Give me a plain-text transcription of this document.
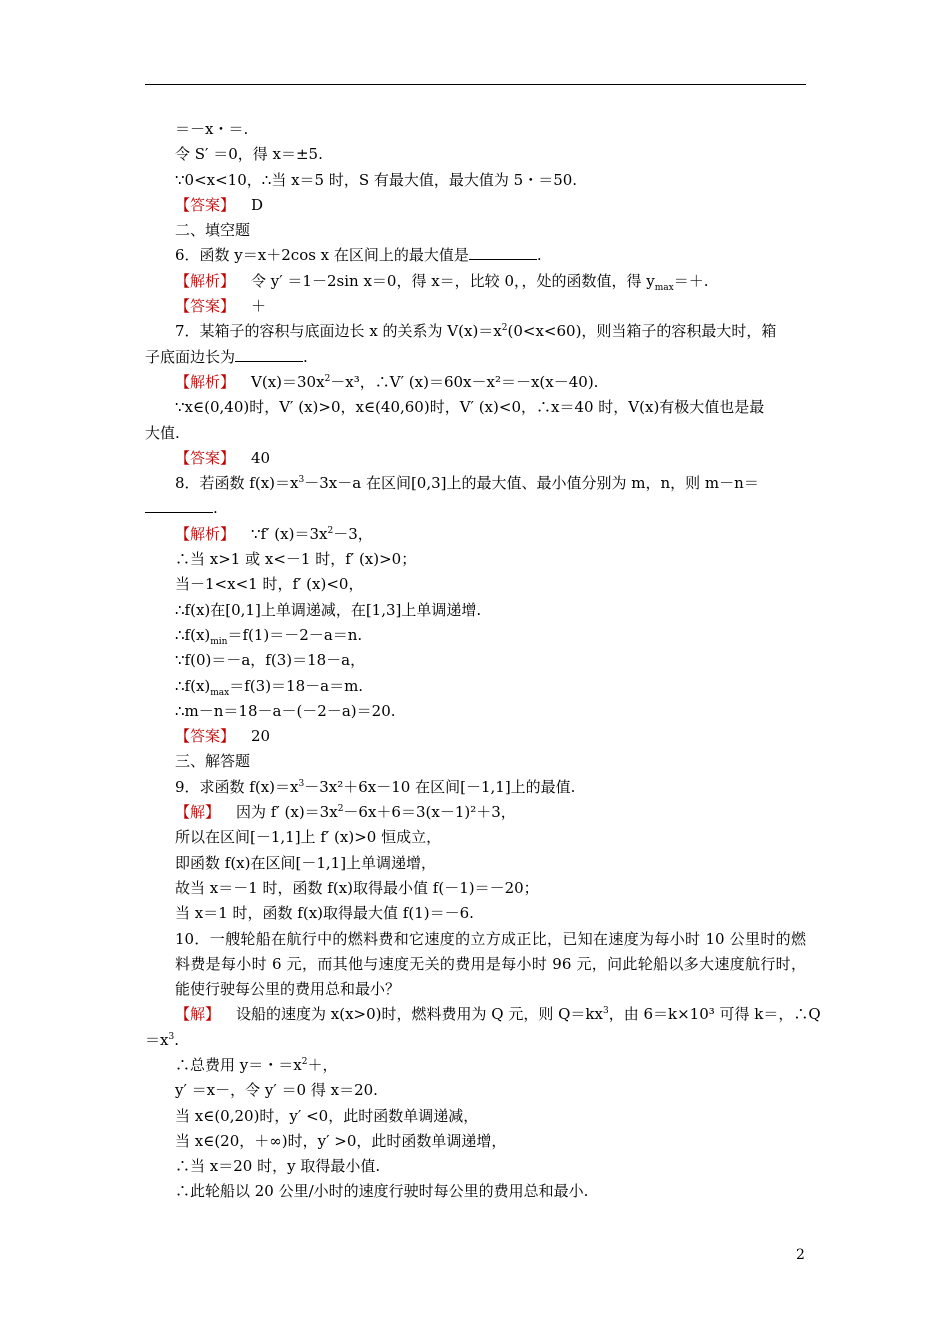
＝－x・＝.
令 S′ ＝0，得 x＝±5.
∵0<x<10，∴当 x＝5 时，S 有最大值，最大值为 5・＝50.
【答案】 D
二、填空题
6．函数 y＝x＋2cos x 在区间上的最大值是	.
【解析】 令 y′ ＝1－2sin x＝0，得 x＝，比较 0，，处的函数值，得 $y_{max}=+$.
【答案】 ＋
7．某箱子的容积与底面边长 x 的关系为 $V(x)=x^2(0<x<60)$，则当箱子的容积最大时，箱
子底面边长为	.
【解析】 $V(x)=30x^2-x^3$，∴V′ (x)＝60x－x²＝－x(x－40).
∵x∈(0,40)时，V′ (x)>0，x∈(40,60)时，V′ (x)<0，∴x＝40 时，V(x)有极大值也是最
大值.
【答案】 40
8．若函数 $f(x)=x^3-3x-a$ 在区间[0,3]上的最大值、最小值分别为 m，n，则 m－n＝
.
【解析】 ∵f′ $(x)=3x^2-3$，
∴当 x>1 或 x<－1 时，f′ (x)>0；
当－1<x<1 时，f′ (x)<0，
∴f(x)在[0,1]上单调递减，在[1,3]上单调递增.
$\therefore f(x)_{min}=f(1)=-2-a=n$.
∵f(0)＝－a，f(3)＝18－a，
$\therefore f(x)_{max}=f(3)=18-a=m$.
∴m－n＝18－a－(－2－a)＝20.
【答案】 20
三、解答题
9．求函数 $f(x)=x^3-3x^2+6x-10$ 在区间[－1,1]上的最值.
【解】 因为 f′ $(x)=3x^2-6x+6=3(x-1)^2+3$，
所以在区间[－1,1]上 f′ (x)>0 恒成立，
即函数 f(x)在区间[－1,1]上单调递增，
故当 x＝－1 时，函数 f(x)取得最小值 f(－1)＝－20；
当 x＝1 时，函数 f(x)取得最大值 f(1)＝－6.
10．一艘轮船在航行中的燃料费和它速度的立方成正比，已知在速度为每小时 10 公里时的燃料费是每小时 6 元，而其他与速度无关的费用是每小时 96 元，问此轮船以多大速度航行时，能使行驶每公里的费用总和最小？
【解】 设船的速度为 x(x>0)时，燃料费用为 Q 元，则 $Q=kx^3$，由 6＝k×10³ 可得 k＝，∴Q
$=x^3$.
∴总费用 y＝・$=x^2+$，
y′ ＝x－，令 y′ ＝0 得 x＝20.
当 x∈(0,20)时，y′ <0，此时函数单调递减，
当 x∈(20，＋∞)时，y′ >0，此时函数单调递增，
∴当 x＝20 时，y 取得最小值.
∴此轮船以 20 公里/小时的速度行驶时每公里的费用总和最小.
2
